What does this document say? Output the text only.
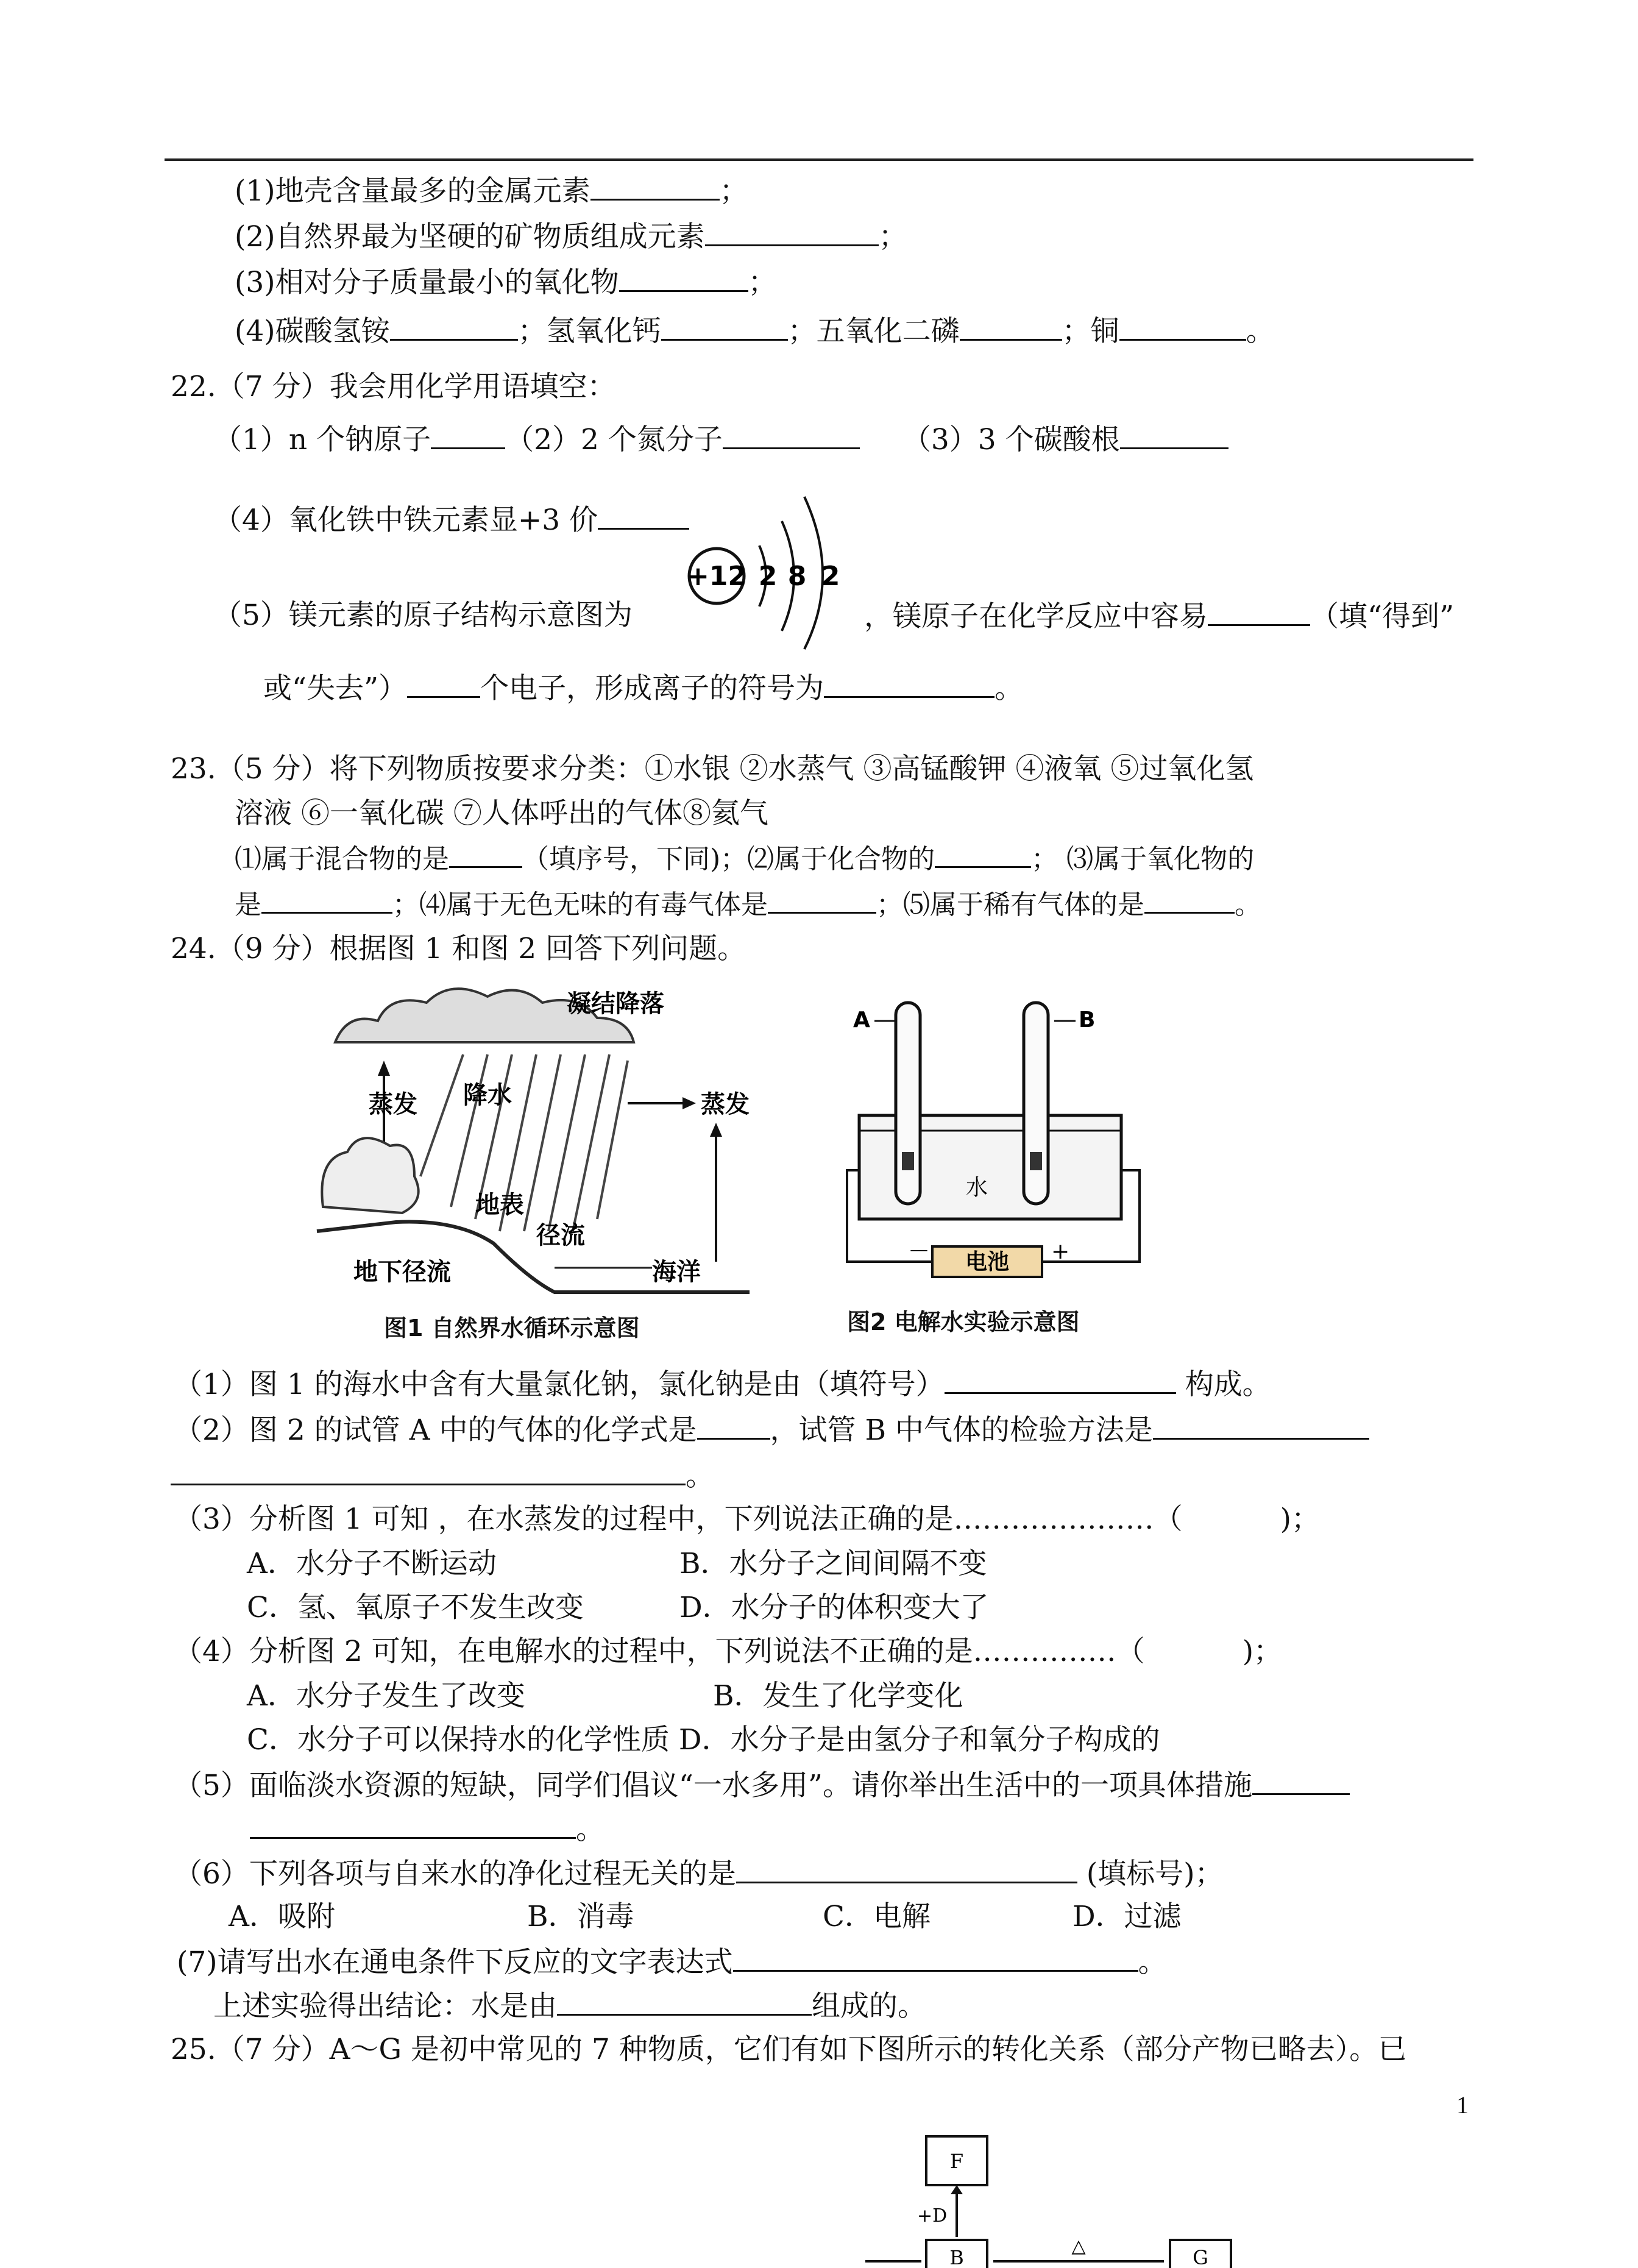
(1)地壳含量最多的金属元素	；
(2)自然界最为坚硬的矿物质组成元素	；
(3)相对分子质量最小的氧化物	；
(4)碳酸氢铵	；氢氧化钙	；五氧化二磷	；铜	。
22.（7 分）我会用化学用语填空：
（1）n 个钠原子	（2）2 个氮分子	（3）3 个碳酸根
（4）氧化铁中铁元素显+3 价
+12 2 8 2
（5）镁元素的原子结构示意图为	，镁原子在化学反应中容易	（填“得到”
或“失去”）	个电子，形成离子的符号为	。
23.（5 分）将下列物质按要求分类：①水银 ②水蒸气 ③高锰酸钾 ④液氧 ⑤过氧化氢
溶液 ⑥一氧化碳 ⑦人体呼出的气体⑧氦气
⑴属于混合物的是	（填序号，下同)；⑵属于化合物的	； ⑶属于氧化物的
是	；⑷属于无色无味的有毒气体是	；⑸属于稀有气体的是	。
24.（9 分）根据图 1 和图 2 回答下列问题。
凝结降落
蒸发 降水	蒸发
地表
径流
地下径流	海洋
图1 自然界水循环示意图
A	B
水
电池
－	+
图2 电解水实验示意图
（1）图 1 的海水中含有大量氯化钠，氯化钠是由（填符号）	构成。
（2）图 2 的试管 A 中的气体的化学式是	，试管 B 中气体的检验方法是
。
（3）分析图 1 可知 ，在水蒸发的过程中，下列说法正确的是…………………（	)；
A．水分子不断运动	B．水分子之间间隔不变
C．氢、氧原子不发生改变	D．水分子的体积变大了
（4）分析图 2 可知，在电解水的过程中，下列说法不正确的是……………（	)；
A．水分子发生了改变	B．发生了化学变化
C．水分子可以保持水的化学性质 D．水分子是由氢分子和氧分子构成的
（5）面临淡水资源的短缺，同学们倡议“一水多用”。请你举出生活中的一项具体措施
。
（6）下列各项与自来水的净化过程无关的是	(填标号)；
A．吸附	B．消毒	C．电解	D．过滤
(7)请写出水在通电条件下反应的文字表达式	。
上述实验得出结论：水是由	组成的。
25.（7 分）A～G 是初中常见的 7 种物质，它们有如下图所示的转化关系（部分产物已略去）。已
1
F
+D
B	△	G
